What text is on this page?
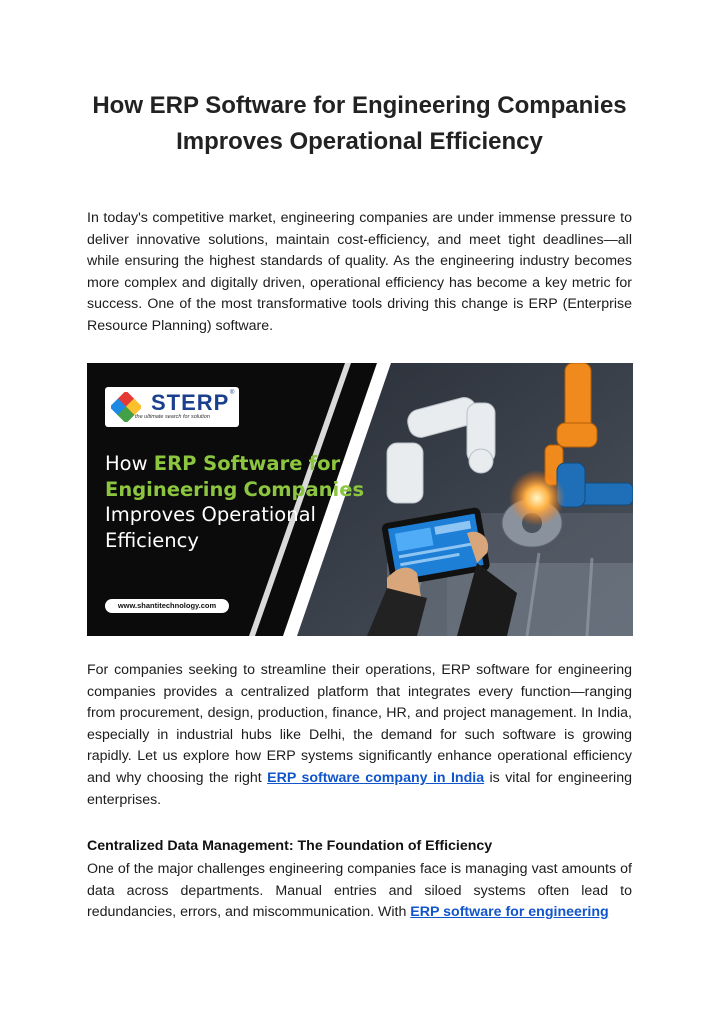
How ERP Software for Engineering Companies Improves Operational Efficiency

In today's competitive market, engineering companies are under immense pressure to deliver innovative solutions, maintain cost-efficiency, and meet tight deadlines—all while ensuring the highest standards of quality. As the engineering industry becomes more complex and digitally driven, operational efficiency has become a key metric for success. One of the most transformative tools driving this change is ERP (Enterprise Resource Planning) software.

STERP ®
the ultimate search for solution
How ERP Software for Engineering Companies Improves Operational Efficiency
www.shantitechnology.com

For companies seeking to streamline their operations, ERP software for engineering companies provides a centralized platform that integrates every function—ranging from procurement, design, production, finance, HR, and project management. In India, especially in industrial hubs like Delhi, the demand for such software is growing rapidly. Let us explore how ERP systems significantly enhance operational efficiency and why choosing the right ERP software company in India is vital for engineering enterprises.

Centralized Data Management: The Foundation of Efficiency

One of the major challenges engineering companies face is managing vast amounts of data across departments. Manual entries and siloed systems often lead to redundancies, errors, and miscommunication. With ERP software for engineering
